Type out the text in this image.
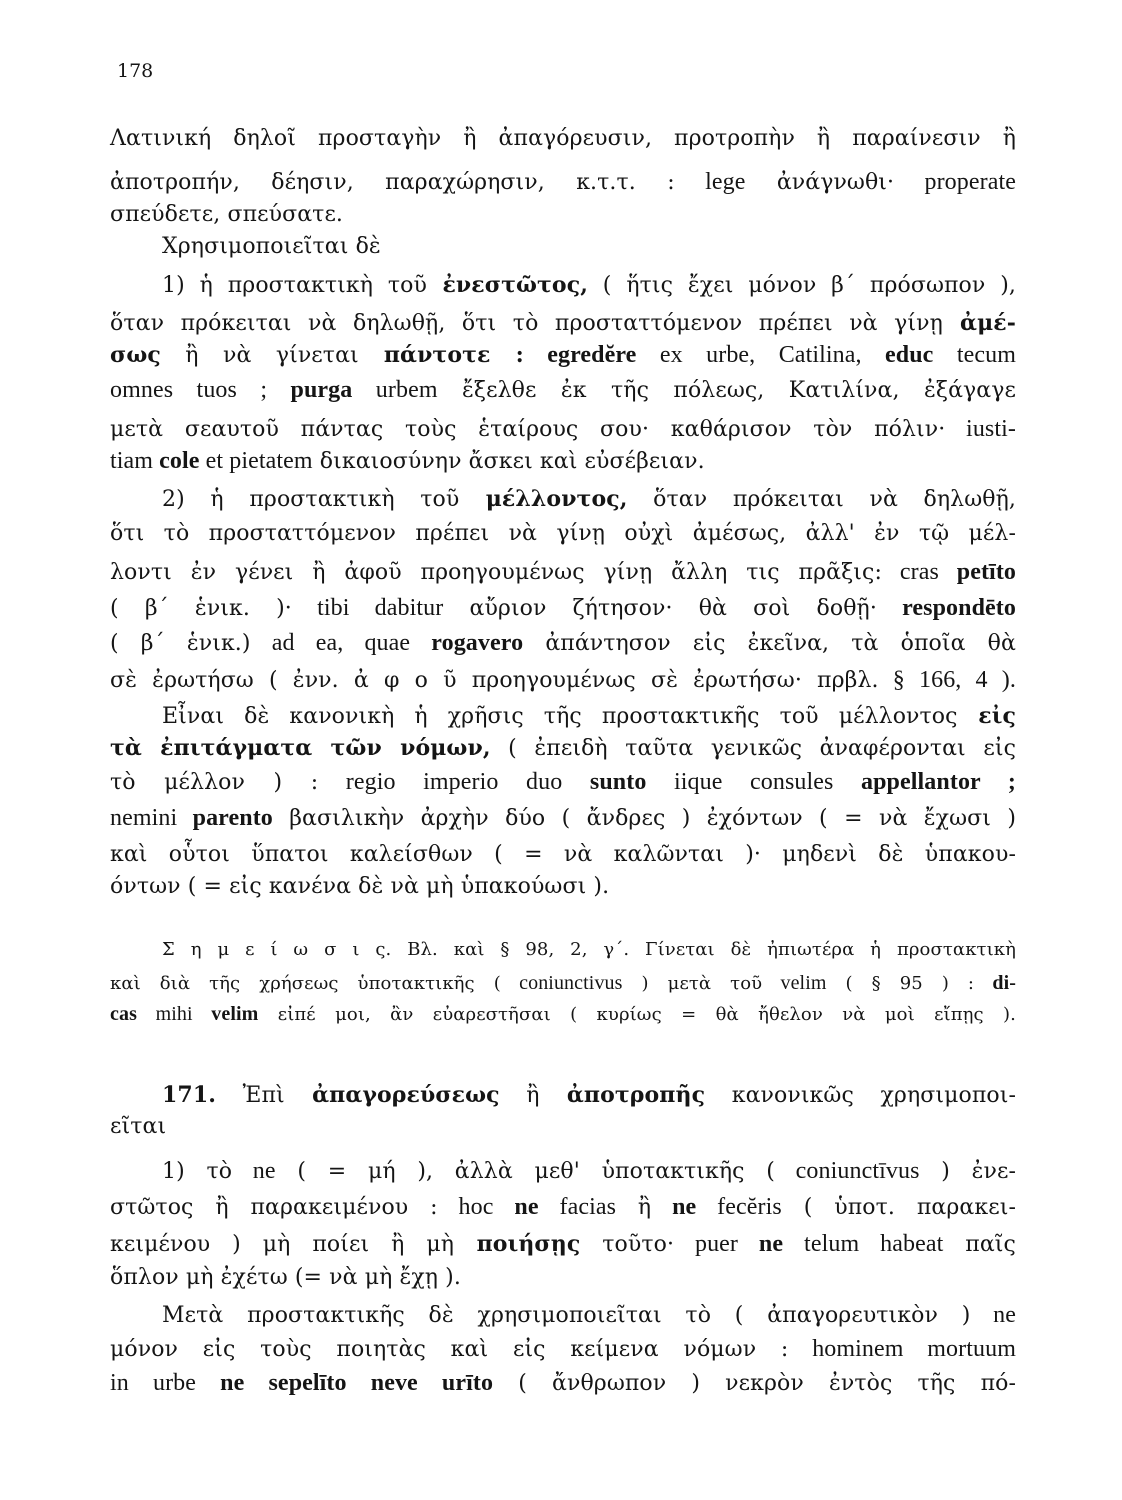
178
Λατινική δηλοῖ προσταγὴν ἢ ἀπαγόρευσιν, προτροπὴν ἢ παραίνεσιν ἢ
ἀποτροπήν, δέησιν, παραχώρησιν, κ.τ.τ. : lege ἀνάγνωθι· properate
σπεύδετε, σπεύσατε.
Χρησιμοποιεῖται δὲ
1) ἡ προστακτικὴ τοῦ ἐνεστῶτος, ( ἥτις ἔχει μόνον β΄ πρόσωπον ),
ὅταν πρόκειται νὰ δηλωθῇ, ὅτι τὸ προσταττόμενον πρέπει νὰ γίνῃ ἀμέ-
σως ἢ νὰ γίνεται πάντοτε : egredĕre ex urbe, Catilina, educ tecum
omnes tuos ; purga urbem ἔξελθε ἐκ τῆς πόλεως, Κατιλίνα, ἐξάγαγε
μετὰ σεαυτοῦ πάντας τοὺς ἑταίρους σου· καθάρισον τὸν πόλιν· iusti-
tiam cole et pietatem δικαιοσύνην ἄσκει καὶ εὐσέβειαν.
2) ἡ προστακτικὴ τοῦ μέλλοντος, ὅταν πρόκειται νὰ δηλωθῇ,
ὅτι τὸ προσταττόμενον πρέπει νὰ γίνῃ οὐχὶ ἀμέσως, ἀλλ' ἐν τῷ μέλ-
λοντι ἐν γένει ἢ ἀφοῦ προηγουμένως γίνῃ ἄλλη τις πρᾶξις: cras petīto
( β΄ ἑνικ. )· tibi dabitur αὔριον ζήτησον· θὰ σοὶ δοθῇ· respondēto
( β΄ ἑνικ.) ad ea, quae rogavero ἀπάντησον εἰς ἐκεῖνα, τὰ ὁποῖα θὰ
σὲ ἐρωτήσω ( ἐνν. ἀ φ ο ῦ προηγουμένως σὲ ἐρωτήσω· πρβλ. § 166, 4 ).
Εἶναι δὲ κανονικὴ ἡ χρῆσις τῆς προστακτικῆς τοῦ μέλλοντος εἰς
τὰ ἐπιτάγματα τῶν νόμων, ( ἐπειδὴ ταῦτα γενικῶς ἀναφέρονται εἰς
τὸ μέλλον ) : regio imperio duo sunto iique consules appellantor ;
nemini parento βασιλικὴν ἀρχὴν δύο ( ἄνδρες ) ἐχόντων ( = νὰ ἔχωσι )
καὶ οὗτοι ὕπατοι καλείσθων ( = νὰ καλῶνται )· μηδενὶ δὲ ὑπακου-
όντων ( = εἰς κανένα δὲ νὰ μὴ ὑπακούωσι ).
Σ η μ ε ί ω σ ι ς. Βλ. καὶ § 98, 2, γ΄. Γίνεται δὲ ἠπιωτέρα ἡ προστακτικὴ
καὶ διὰ τῆς χρήσεως ὑποτακτικῆς ( coniunctivus ) μετὰ τοῦ velim ( § 95 ) : di-
cas mihi velim εἰπέ μοι, ἂν εὐαρεστῆσαι ( κυρίως = θὰ ἤθελον νὰ μοὶ εἴπῃς ).
171. Ἐπὶ ἀπαγορεύσεως ἢ ἀποτροπῆς κανονικῶς χρησιμοποι-
εῖται
1) τὸ ne ( = μή ), ἀλλὰ μεθ' ὑποτακτικῆς ( coniunctīvus ) ἐνε-
στῶτος ἢ παρακειμένου : hoc ne facias ἢ ne fecĕris ( ὑποτ. παρακει-
κειμένου ) μὴ ποίει ἢ μὴ ποιήσῃς τοῦτο· puer ne telum habeat παῖς
ὅπλον μὴ ἐχέτω (= νὰ μὴ ἔχῃ ).
Μετὰ προστακτικῆς δὲ χρησιμοποιεῖται τὸ ( ἀπαγορευτικὸν ) ne
μόνον εἰς τοὺς ποιητὰς καὶ εἰς κείμενα νόμων : hominem mortuum
in urbe ne sepelīto neve urīto ( ἄνθρωπον ) νεκρὸν ἐντὸς τῆς πό-
